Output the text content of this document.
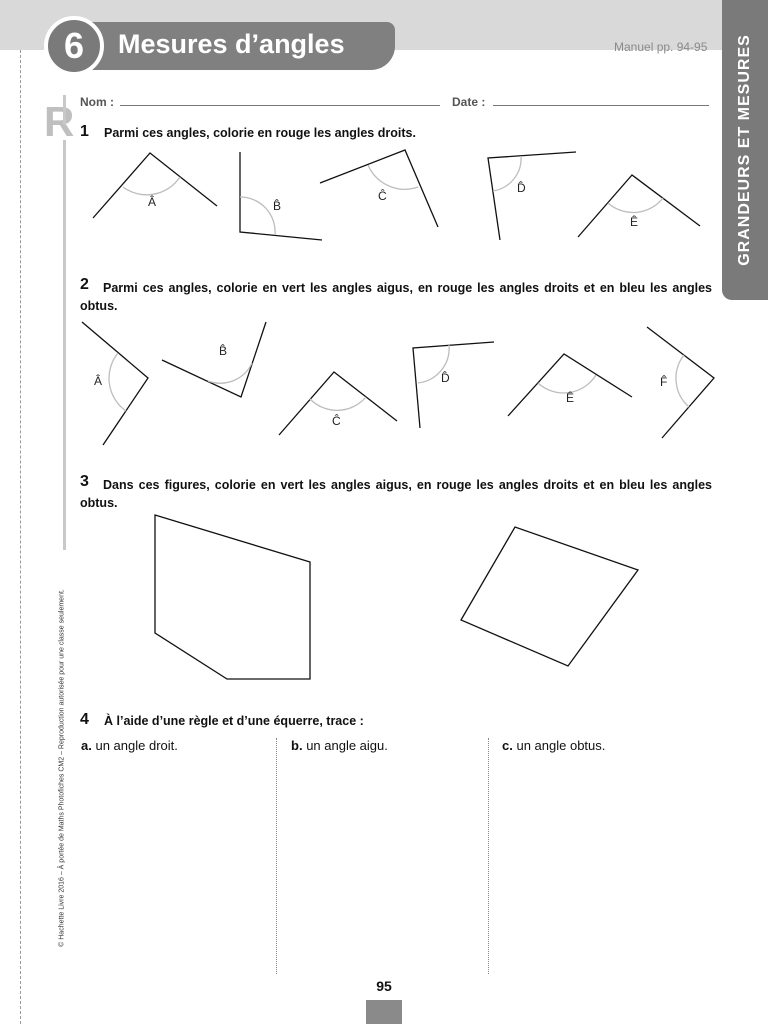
GRANDEURS ET MESURES
6	Mesures d’angles	Manuel pp. 94-95
R Nom :	Date :
1 Parmi ces angles, colorie en rouge les angles droits.
2	Parmi ces angles, colorie en vert les angles aigus, en rouge les angles droits et en bleu les angles obtus.
3	Dans ces figures, colorie en vert les angles aigus, en rouge les angles droits et en bleu les angles obtus.
4 À l’aide d’une règle et d’une équerre, trace :
a. un angle droit.	b. un angle aigu.	c. un angle obtus.
Â	B̂
Ĉ
D̂
Ê
Â
B̂
Ĉ
D̂
Ê
F̂
© Hachette Livre 2016 – À portée de Maths Photofiches CM2 – Reproduction autorisée pour une classe seulement.
95
